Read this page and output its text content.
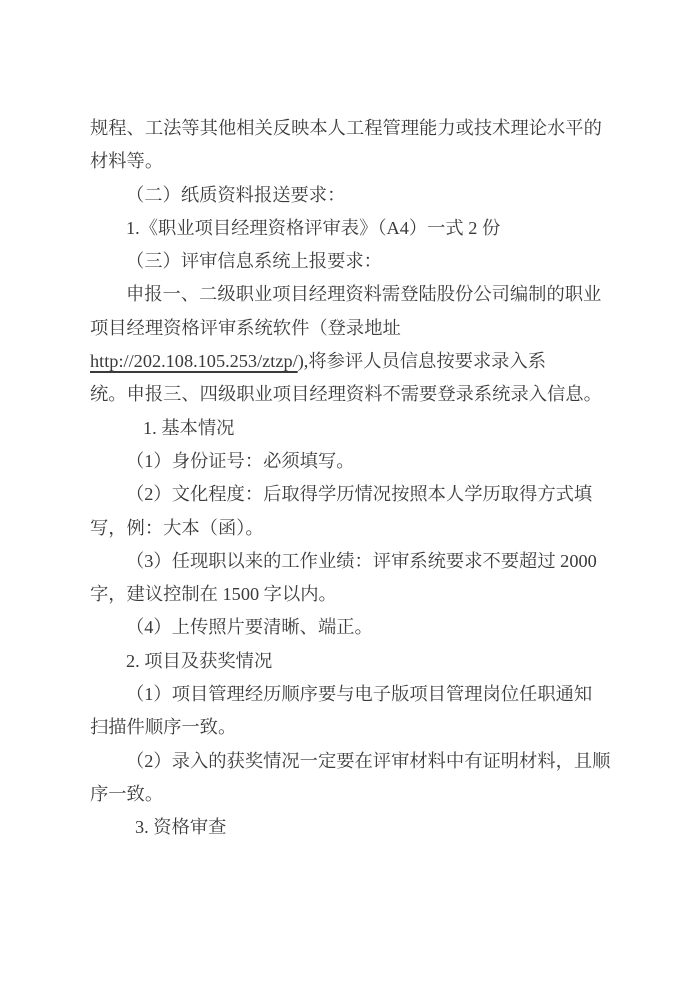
规程、工法等其他相关反映本人工程管理能力或技术理论水平的
材料等。
（二）纸质资料报送要求：
1.《职业项目经理资格评审表》（A4）一式 2 份
（三）评审信息系统上报要求：
申报一、二级职业项目经理资料需登陆股份公司编制的职业
项目经理资格评审系统软件（登录地址
http://202.108.105.253/ztzp/),将参评人员信息按要求录入系
统。申报三、四级职业项目经理资料不需要登录系统录入信息。
1. 基本情况
（1）身份证号：必须填写。
（2）文化程度：后取得学历情况按照本人学历取得方式填
写，例：大本（函）。
（3）任现职以来的工作业绩：评审系统要求不要超过 2000
字，建议控制在 1500 字以内。
（4）上传照片要清晰、端正。
2. 项目及获奖情况
（1）项目管理经历顺序要与电子版项目管理岗位任职通知
扫描件顺序一致。
（2）录入的获奖情况一定要在评审材料中有证明材料，且顺
序一致。
3. 资格审查
